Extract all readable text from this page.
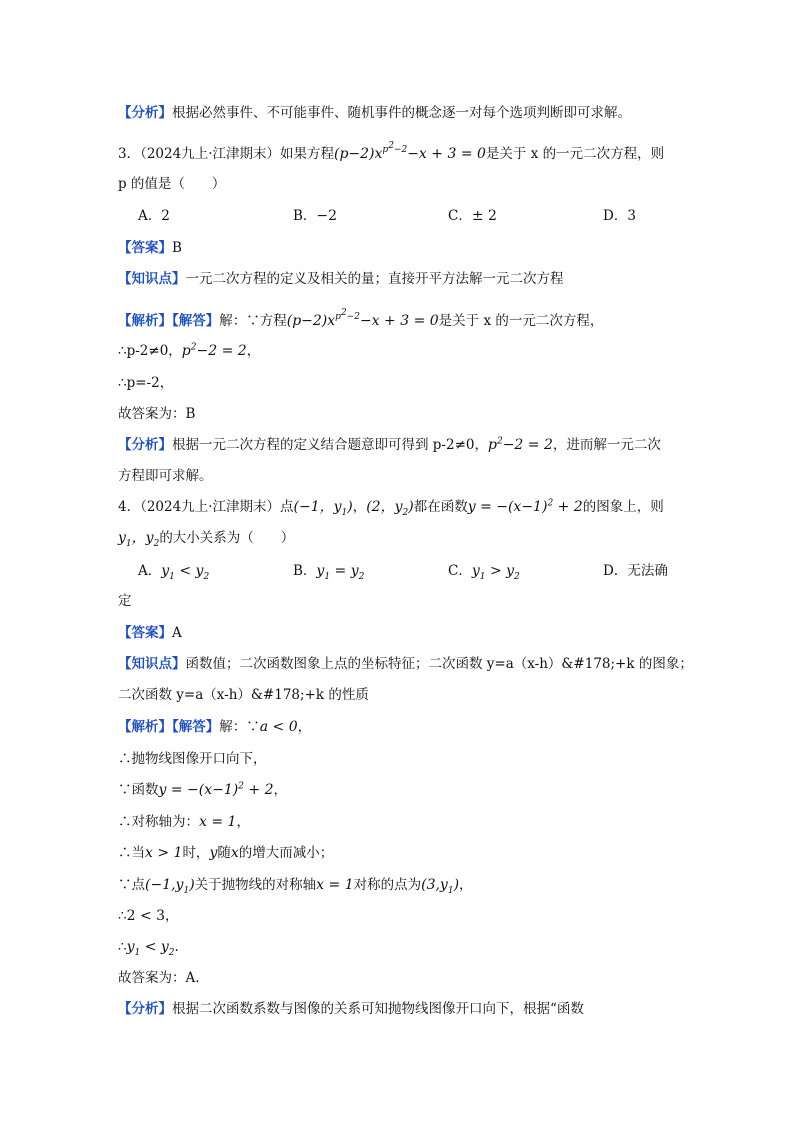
【分析】根据必然事件、不可能事件、随机事件的概念逐一对每个选项判断即可求解。
3．（2024九上·江津期末）如果方程$(p-2)x^{p^2-2}-x + 3 = 0$是关于 x 的一元二次方程，则
p 的值是（　　）
A．2	B．−2	C．± 2	D．3
【答案】B
【知识点】一元二次方程的定义及相关的量；直接开平方法解一元二次方程
【解析】【解答】解：∵方程$(p-2)x^{p^2-2}-x + 3 = 0$是关于 x 的一元二次方程，
∴p-2≠0，$p^2-2 = 2$，
∴p=-2，
故答案为：B
【分析】根据一元二次方程的定义结合题意即可得到 p-2≠0，$p^2-2 = 2$，进而解一元二次
方程即可求解。
4．（2024九上·江津期末）点(−1，$y_1$)，(2，$y_2$)都在函数$y = -(x-1)^2 + 2$的图象上，则
$y_1$，$y_2$的大小关系为（　　）
A．$y_1 < y_2$	B．$y_1 = y_2$	C．$y_1 > y_2$	D．无法确
定
【答案】A
【知识点】函数值；二次函数图象上点的坐标特征；二次函数 y=a（x-h）&#178;+k 的图象；
二次函数 y=a（x-h）&#178;+k 的性质
【解析】【解答】解：∵a < 0，
∴抛物线图像开口向下，
∵函数$y = -(x-1)^2 + 2$，
∴对称轴为：x = 1，
∴当x > 1时，y随x的增大而减小；
∵点$(-1,y_1)$关于抛物线的对称轴x = 1对称的点为$(3,y_1)$，
∴2 < 3，
$\therefore y_1 < y_2$.
故答案为：A.
【分析】根据二次函数系数与图像的关系可知抛物线图像开口向下，根据“函数
